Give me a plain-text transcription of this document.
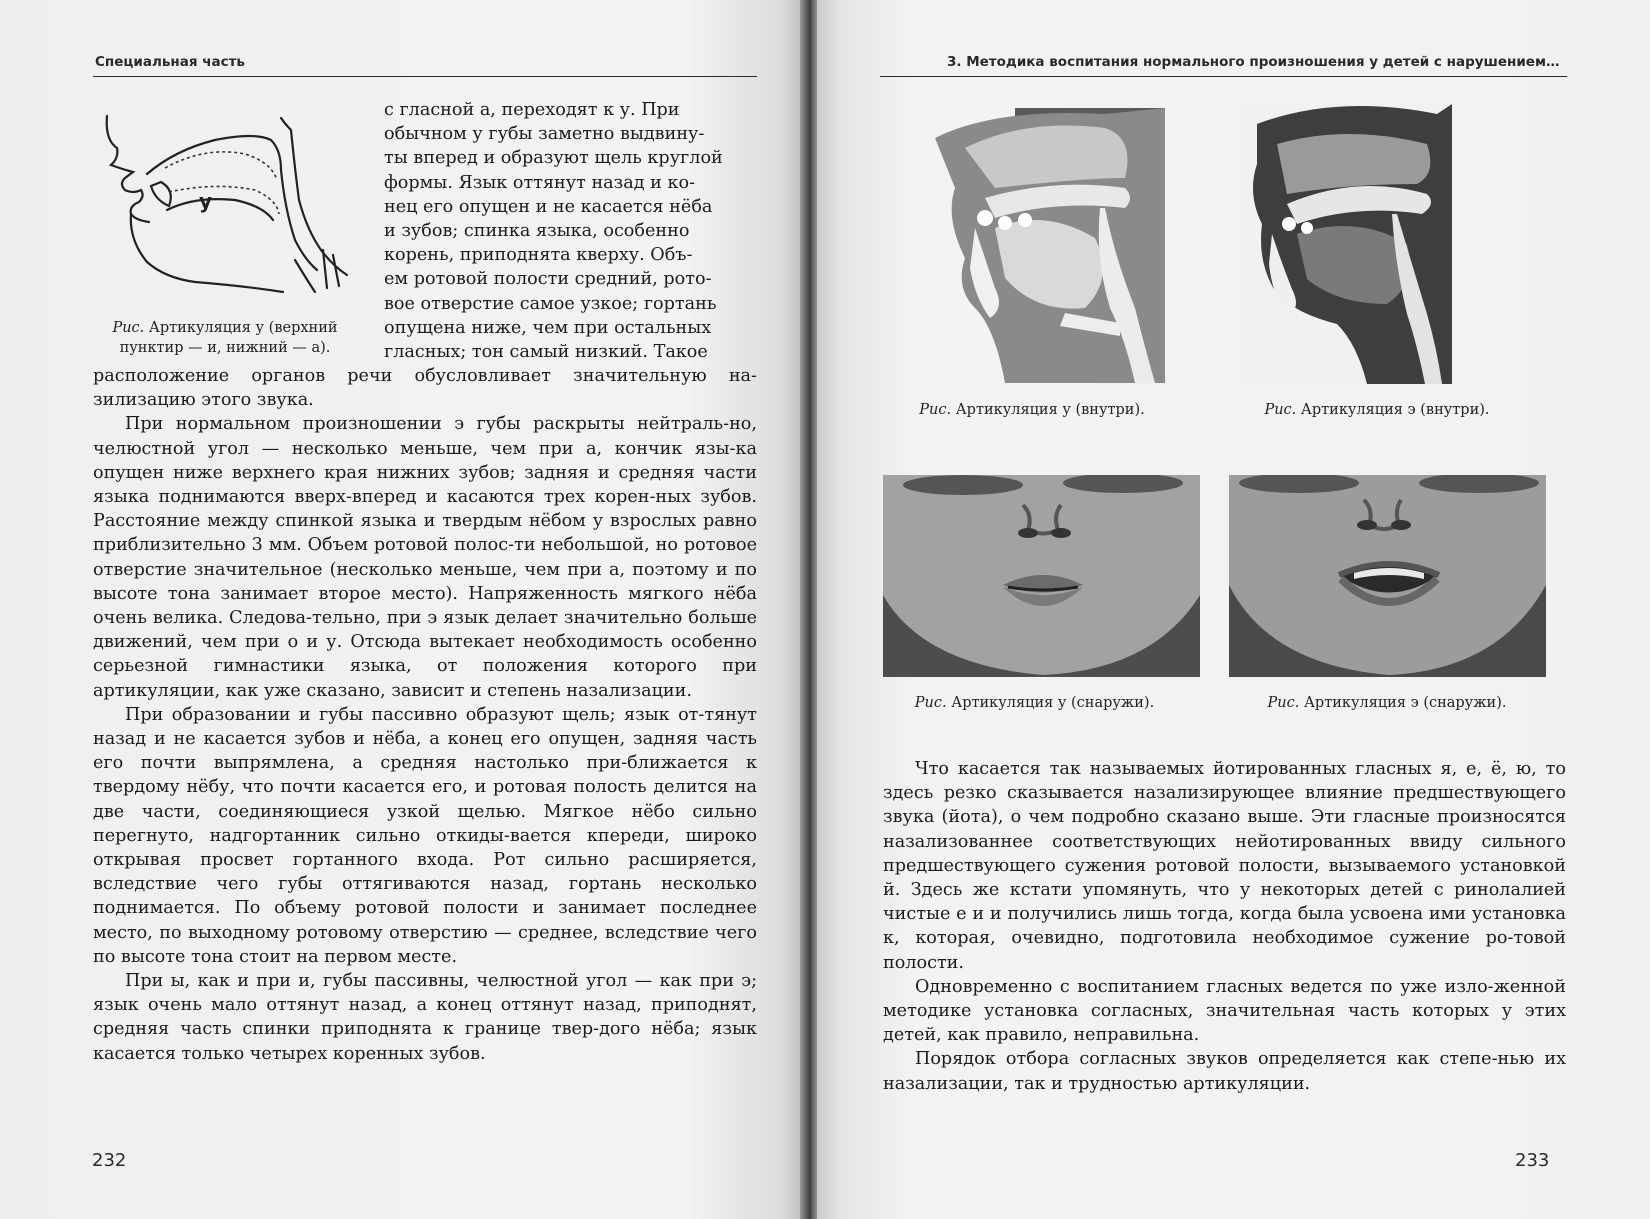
Специальная часть
у
Рис. Артикуляция у (верхний пунктир — и, нижний — а).

с гласной а, переходят к у. При

обычном у губы заметно выдвину-

ты вперед и образуют щель круглой

формы. Язык оттянут назад и ко-

нец его опущен и не касается нёба

и зубов; спинка языка, особенно

корень, приподнята кверху. Объ-

ем ротовой полости средний, рото-

вое отверстие самое узкое; гортань

опущена ниже, чем при остальных

гласных; тон самый низкий. Такое

расположение органов речи обусловливает значительную на-зилизацию этого звука.

При нормальном произношении э губы раскрыты нейтраль-но, челюстной угол — несколько меньше, чем при а, кончик язы-ка опущен ниже верхнего края нижних зубов; задняя и средняя части языка поднимаются вверх-вперед и касаются трех корен-ных зубов. Расстояние между спинкой языка и твердым нёбом у взрослых равно приблизительно 3 мм. Объем ротовой полос-ти небольшой, но ротовое отверстие значительное (несколько меньше, чем при а, поэтому и по высоте тона занимает второе место). Напряженность мягкого нёба очень велика. Следова-тельно, при э язык делает значительно больше движений, чем при о и у. Отсюда вытекает необходимость особенно серьезной гимнастики языка, от положения которого при артикуляции, как уже сказано, зависит и степень назализации.

При образовании и губы пассивно образуют щель; язык от-тянут назад и не касается зубов и нёба, а конец его опущен, задняя часть его почти выпрямлена, а средняя настолько при-ближается к твердому нёбу, что почти касается его, и ротовая полость делится на две части, соединяющиеся узкой щелью. Мягкое нёбо сильно перегнуто, надгортанник сильно откиды-вается кпереди, широко открывая просвет гортанного входа. Рот сильно расширяется, вследствие чего губы оттягиваются назад, гортань несколько поднимается. По объему ротовой полости и занимает последнее место, по выходному ротовому отверстию — среднее, вследствие чего по высоте тона стоит на первом месте.

При ы, как и при и, губы пассивны, челюстной угол — как при э; язык очень мало оттянут назад, а конец оттянут назад, приподнят, средняя часть спинки приподнята к границе твер-дого нёба; язык касается только четырех коренных зубов.

232
3. Методика воспитания нормального произношения у детей с нарушением…
Рис. Артикуляция у (внутри).	Рис. Артикуляция э (внутри).
Рис. Артикуляция у (снаружи).	Рис. Артикуляция э (снаружи).

Что касается так называемых йотированных гласных я, е, ё, ю, то здесь резко сказывается назализирующее влияние предшествующего звука (йота), о чем подробно сказано выше. Эти гласные произносятся назализованнее соответствующих нейотированных ввиду сильного предшествующего сужения ротовой полости, вызываемого установкой й. Здесь же кстати упомянуть, что у некоторых детей с ринолалией чистые е и и получились лишь тогда, когда была усвоена ими установка к, которая, очевидно, подготовила необходимое сужение ро-товой полости.

Одновременно с воспитанием гласных ведется по уже изло-женной методике установка согласных, значительная часть которых у этих детей, как правило, неправильна.

Порядок отбора согласных звуков определяется как степе-нью их назализации, так и трудностью артикуляции.

233
